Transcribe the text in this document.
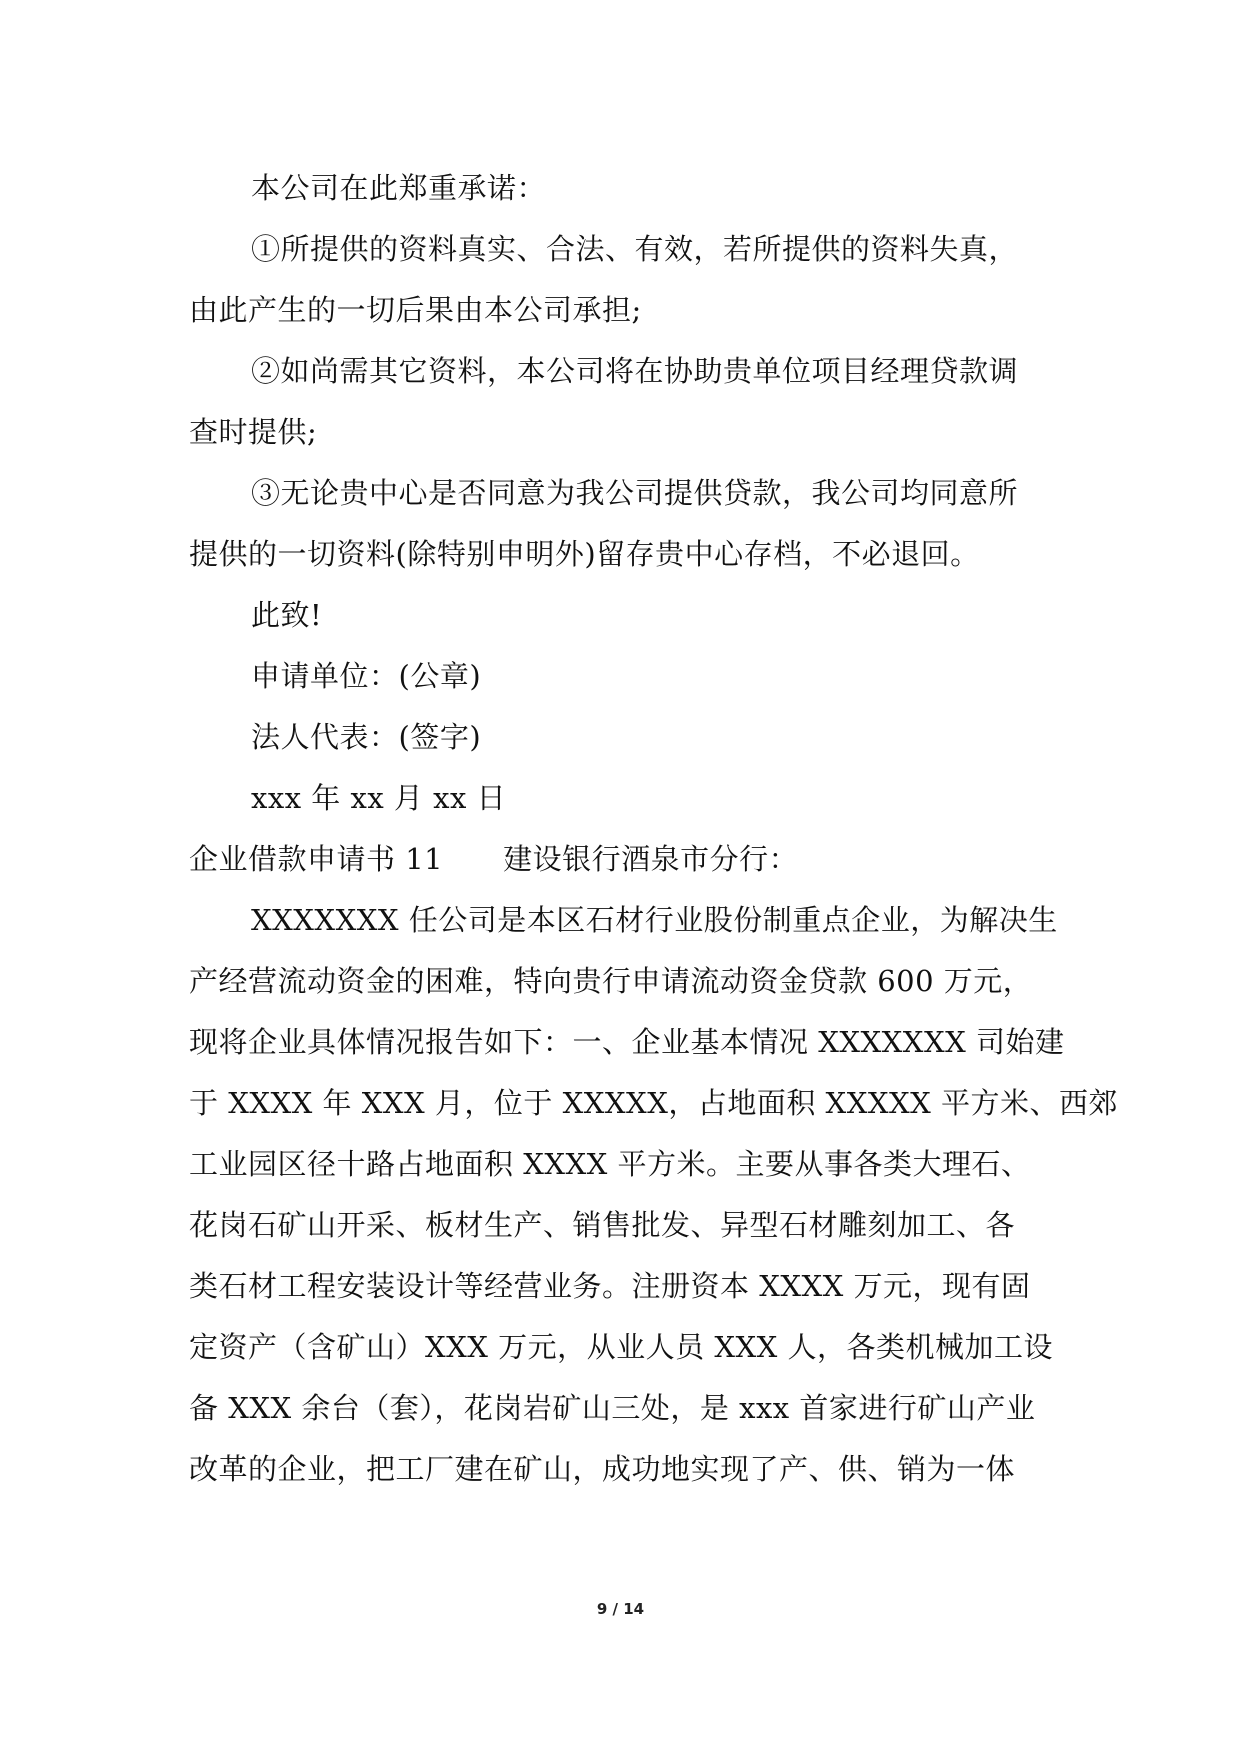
本公司在此郑重承诺：
①所提供的资料真实、合法、有效，若所提供的资料失真，
由此产生的一切后果由本公司承担;
②如尚需其它资料，本公司将在协助贵单位项目经理贷款调
查时提供;
③无论贵中心是否同意为我公司提供贷款，我公司均同意所
提供的一切资料(除特别申明外)留存贵中心存档，不必退回。
此致!
申请单位：(公章)
法人代表：(签字)
xxx 年 xx 月 xx 日
企业借款申请书 11 建设银行酒泉市分行：
XXXXXXX 任公司是本区石材行业股份制重点企业，为解决生
产经营流动资金的困难，特向贵行申请流动资金贷款 600 万元，
现将企业具体情况报告如下：一、企业基本情况 XXXXXXX 司始建
于 XXXX 年 XXX 月，位于 XXXXX，占地面积 XXXXX 平方米、西郊
工业园区径十路占地面积 XXXX 平方米。主要从事各类大理石、
花岗石矿山开采、板材生产、销售批发、异型石材雕刻加工、各
类石材工程安装设计等经营业务。注册资本 XXXX 万元，现有固
定资产（含矿山）XXX 万元，从业人员 XXX 人，各类机械加工设
备 XXX 余台（套），花岗岩矿山三处，是 xxx 首家进行矿山产业
改革的企业，把工厂建在矿山，成功地实现了产、供、销为一体
9 / 14
